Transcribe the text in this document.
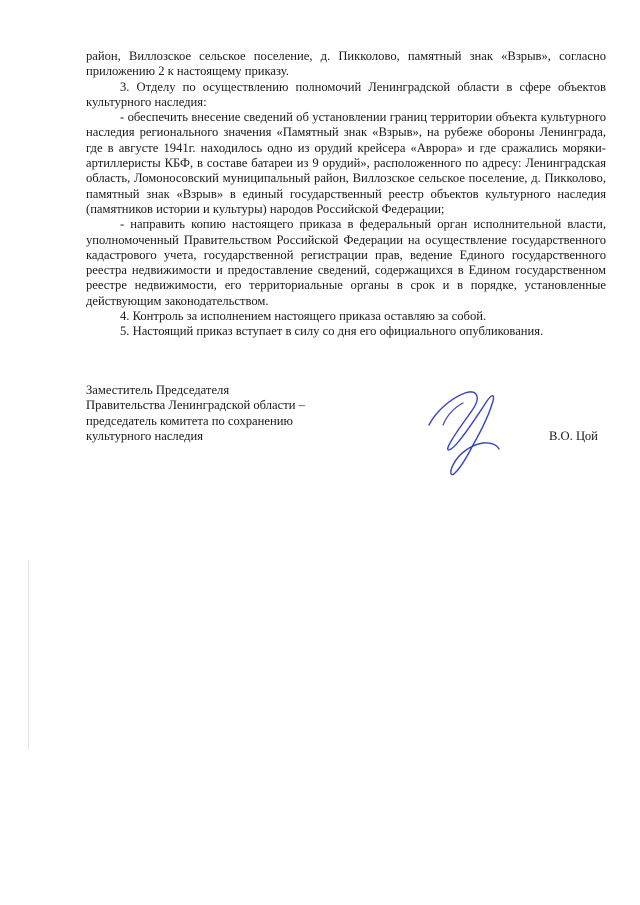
район, Виллозское сельское поселение, д. Пикколово, памятный знак «Взрыв», согласно приложению 2 к настоящему приказу.

3. Отделу по осуществлению полномочий Ленинградской области в сфере объектов культурного наследия:

- обеспечить внесение сведений об установлении границ территории объекта культурного наследия регионального значения «Памятный знак «Взрыв», на рубеже обороны Ленинграда, где в августе 1941г. находилось одно из орудий крейсера «Аврора» и где сражались моряки-артиллеристы КБФ, в составе батареи из 9 орудий», расположенного по адресу: Ленинградская область, Ломоносовский муниципальный район, Виллозское сельское поселение, д. Пикколово, памятный знак «Взрыв» в единый государственный реестр объектов культурного наследия (памятников истории и культуры) народов Российской Федерации;

- направить копию настоящего приказа в федеральный орган исполнительной власти, уполномоченный Правительством Российской Федерации на осуществление государственного кадастрового учета, государственной регистрации прав, ведение Единого государственного реестра недвижимости и предоставление сведений, содержащихся в Едином государственном реестре недвижимости, его территориальные органы в срок и в порядке, установленные действующим законодательством.

4. Контроль за исполнением настоящего приказа оставляю за собой.

5. Настоящий приказ вступает в силу со дня его официального опубликования.

Заместитель Председателя
Правительства Ленинградской области –
председатель комитета по сохранению
культурного наследия	В.О. Цой
